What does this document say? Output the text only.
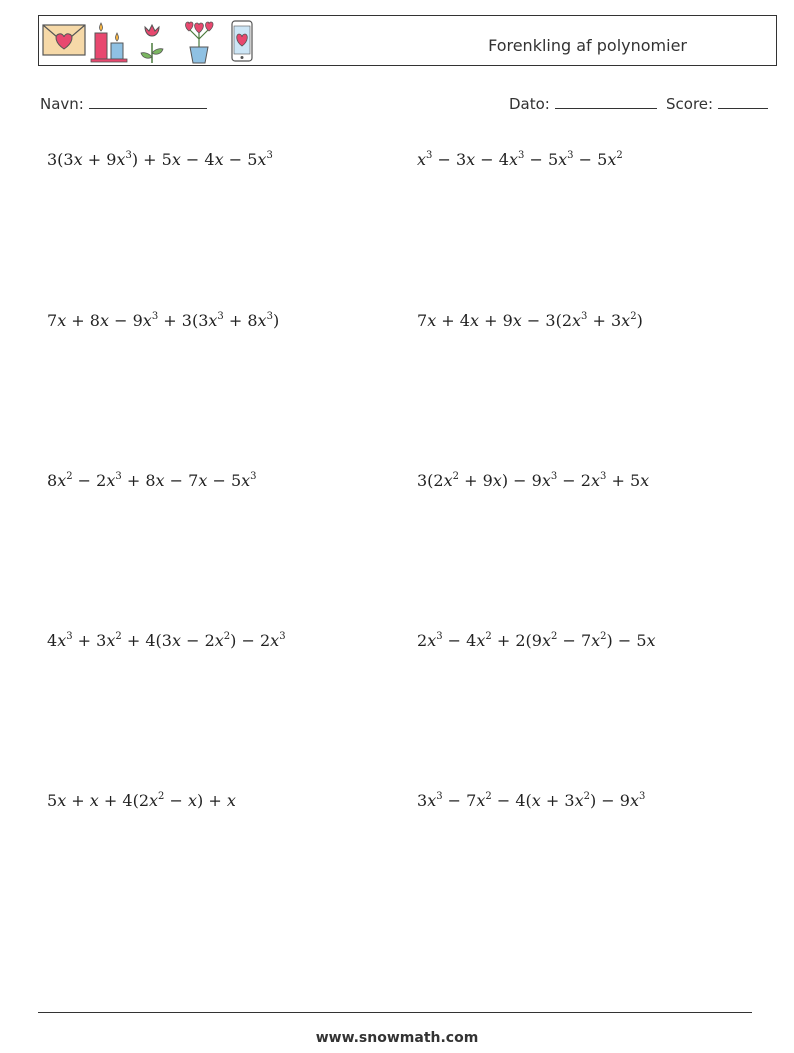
Forenkling af polynomier
Navn:	Dato:	Score:
$3(3x + 9x^3) + 5x - 4x - 5x^3$	$x^3 - 3x - 4x^3 - 5x^3 - 5x^2$
$7x + 8x - 9x^3 + 3(3x^3 + 8x^3)$	$7x + 4x + 9x - 3(2x^3 + 3x^2)$
$8x^2 - 2x^3 + 8x - 7x - 5x^3$	$3(2x^2 + 9x) - 9x^3 - 2x^3 + 5x$
$4x^3 + 3x^2 + 4(3x - 2x^2) - 2x^3$	$2x^3 - 4x^2 + 2(9x^2 - 7x^2) - 5x$
$5x + x + 4(2x^2 - x) + x$	$3x^3 - 7x^2 - 4(x + 3x^2) - 9x^3$
www.snowmath.com
